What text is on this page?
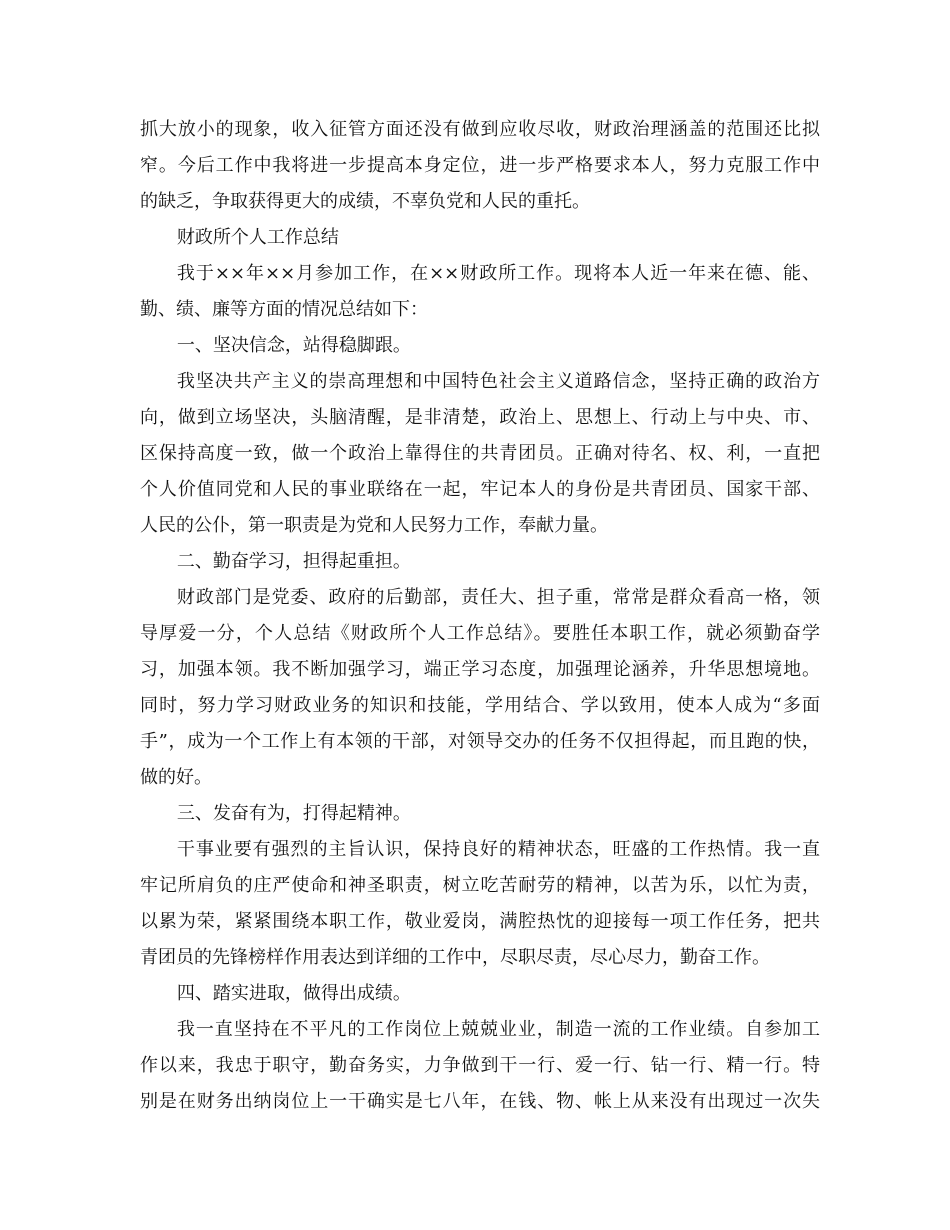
抓大放小的现象，收入征管方面还没有做到应收尽收，财政治理涵盖的范围还比拟
窄。今后工作中我将进一步提高本身定位，进一步严格要求本人，努力克服工作中
的缺乏，争取获得更大的成绩，不辜负党和人民的重托。
财政所个人工作总结
我于××年××月参加工作，在××财政所工作。现将本人近一年来在德、能、
勤、绩、廉等方面的情况总结如下：
一、坚决信念，站得稳脚跟。
我坚决共产主义的崇高理想和中国特色社会主义道路信念，坚持正确的政治方
向，做到立场坚决，头脑清醒，是非清楚，政治上、思想上、行动上与中央、市、
区保持高度一致，做一个政治上靠得住的共青团员。正确对待名、权、利，一直把
个人价值同党和人民的事业联络在一起，牢记本人的身份是共青团员、国家干部、
人民的公仆，第一职责是为党和人民努力工作，奉献力量。
二、勤奋学习，担得起重担。
财政部门是党委、政府的后勤部，责任大、担子重，常常是群众看高一格，领
导厚爱一分，个人总结《财政所个人工作总结》。要胜任本职工作，就必须勤奋学
习，加强本领。我不断加强学习，端正学习态度，加强理论涵养，升华思想境地。
同时，努力学习财政业务的知识和技能，学用结合、学以致用，使本人成为“多面
手”，成为一个工作上有本领的干部，对领导交办的任务不仅担得起，而且跑的快，
做的好。
三、发奋有为，打得起精神。
干事业要有强烈的主旨认识，保持良好的精神状态，旺盛的工作热情。我一直
牢记所肩负的庄严使命和神圣职责，树立吃苦耐劳的精神，以苦为乐，以忙为责，
以累为荣，紧紧围绕本职工作，敬业爱岗，满腔热忱的迎接每一项工作任务，把共
青团员的先锋榜样作用表达到详细的工作中，尽职尽责，尽心尽力，勤奋工作。
四、踏实进取，做得出成绩。
我一直坚持在不平凡的工作岗位上兢兢业业，制造一流的工作业绩。自参加工
作以来，我忠于职守，勤奋务实，力争做到干一行、爱一行、钻一行、精一行。特
别是在财务出纳岗位上一干确实是七八年，在钱、物、帐上从来没有出现过一次失
